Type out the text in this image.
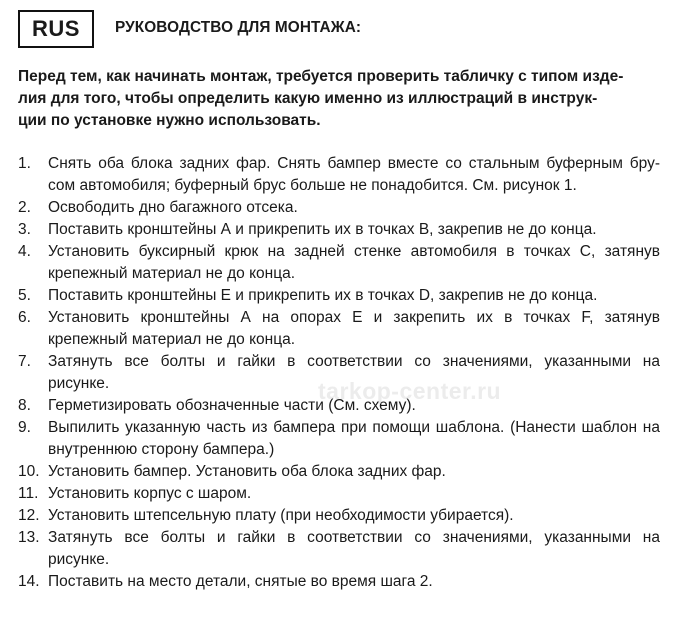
RUS	РУКОВОДСТВО ДЛЯ МОНТАЖА:
Перед тем, как начинать монтаж, требуется проверить табличку с типом изде-
лия для того, чтобы определить какую именно из иллюстраций в инструк-
ции по установке нужно использовать.
1. Снять оба блока задних фар. Снять бампер вместе со стальным буферным бру-
сом автомобиля; буферный брус больше не понадобится. См. рисунок 1.
2. Освободить дно багажного отсека.
3. Поставить кронштейны А и прикрепить их в точках В, закрепив не до конца.
4. Установить буксирный крюк на задней стенке автомобиля в точках С, затянув
крепежный материал не до конца.
5. Поставить кронштейны Е и прикрепить их в точках D, закрепив не до конца.
6. Установить кронштейны А на опорах Е и закрепить их в точках F, затянув
крепежный материал не до конца.
7. Затянуть все болты и гайки в соответствии со значениями, указанными на
рисунке.
8. Герметизировать обозначенные части (См. схему).
9. Выпилить указанную часть из бампера при помощи шаблона. (Нанести шаблон на
внутреннюю сторону бампера.)
10. Установить бампер. Установить оба блока задних фар.
11. Установить корпус с шаром.
12. Установить штепсельную плату (при необходимости убирается).
13. Затянуть все болты и гайки в соответствии со значениями, указанными на
рисунке.
14. Поставить на место детали, снятые во время шага 2.
tarkop-center.ru
